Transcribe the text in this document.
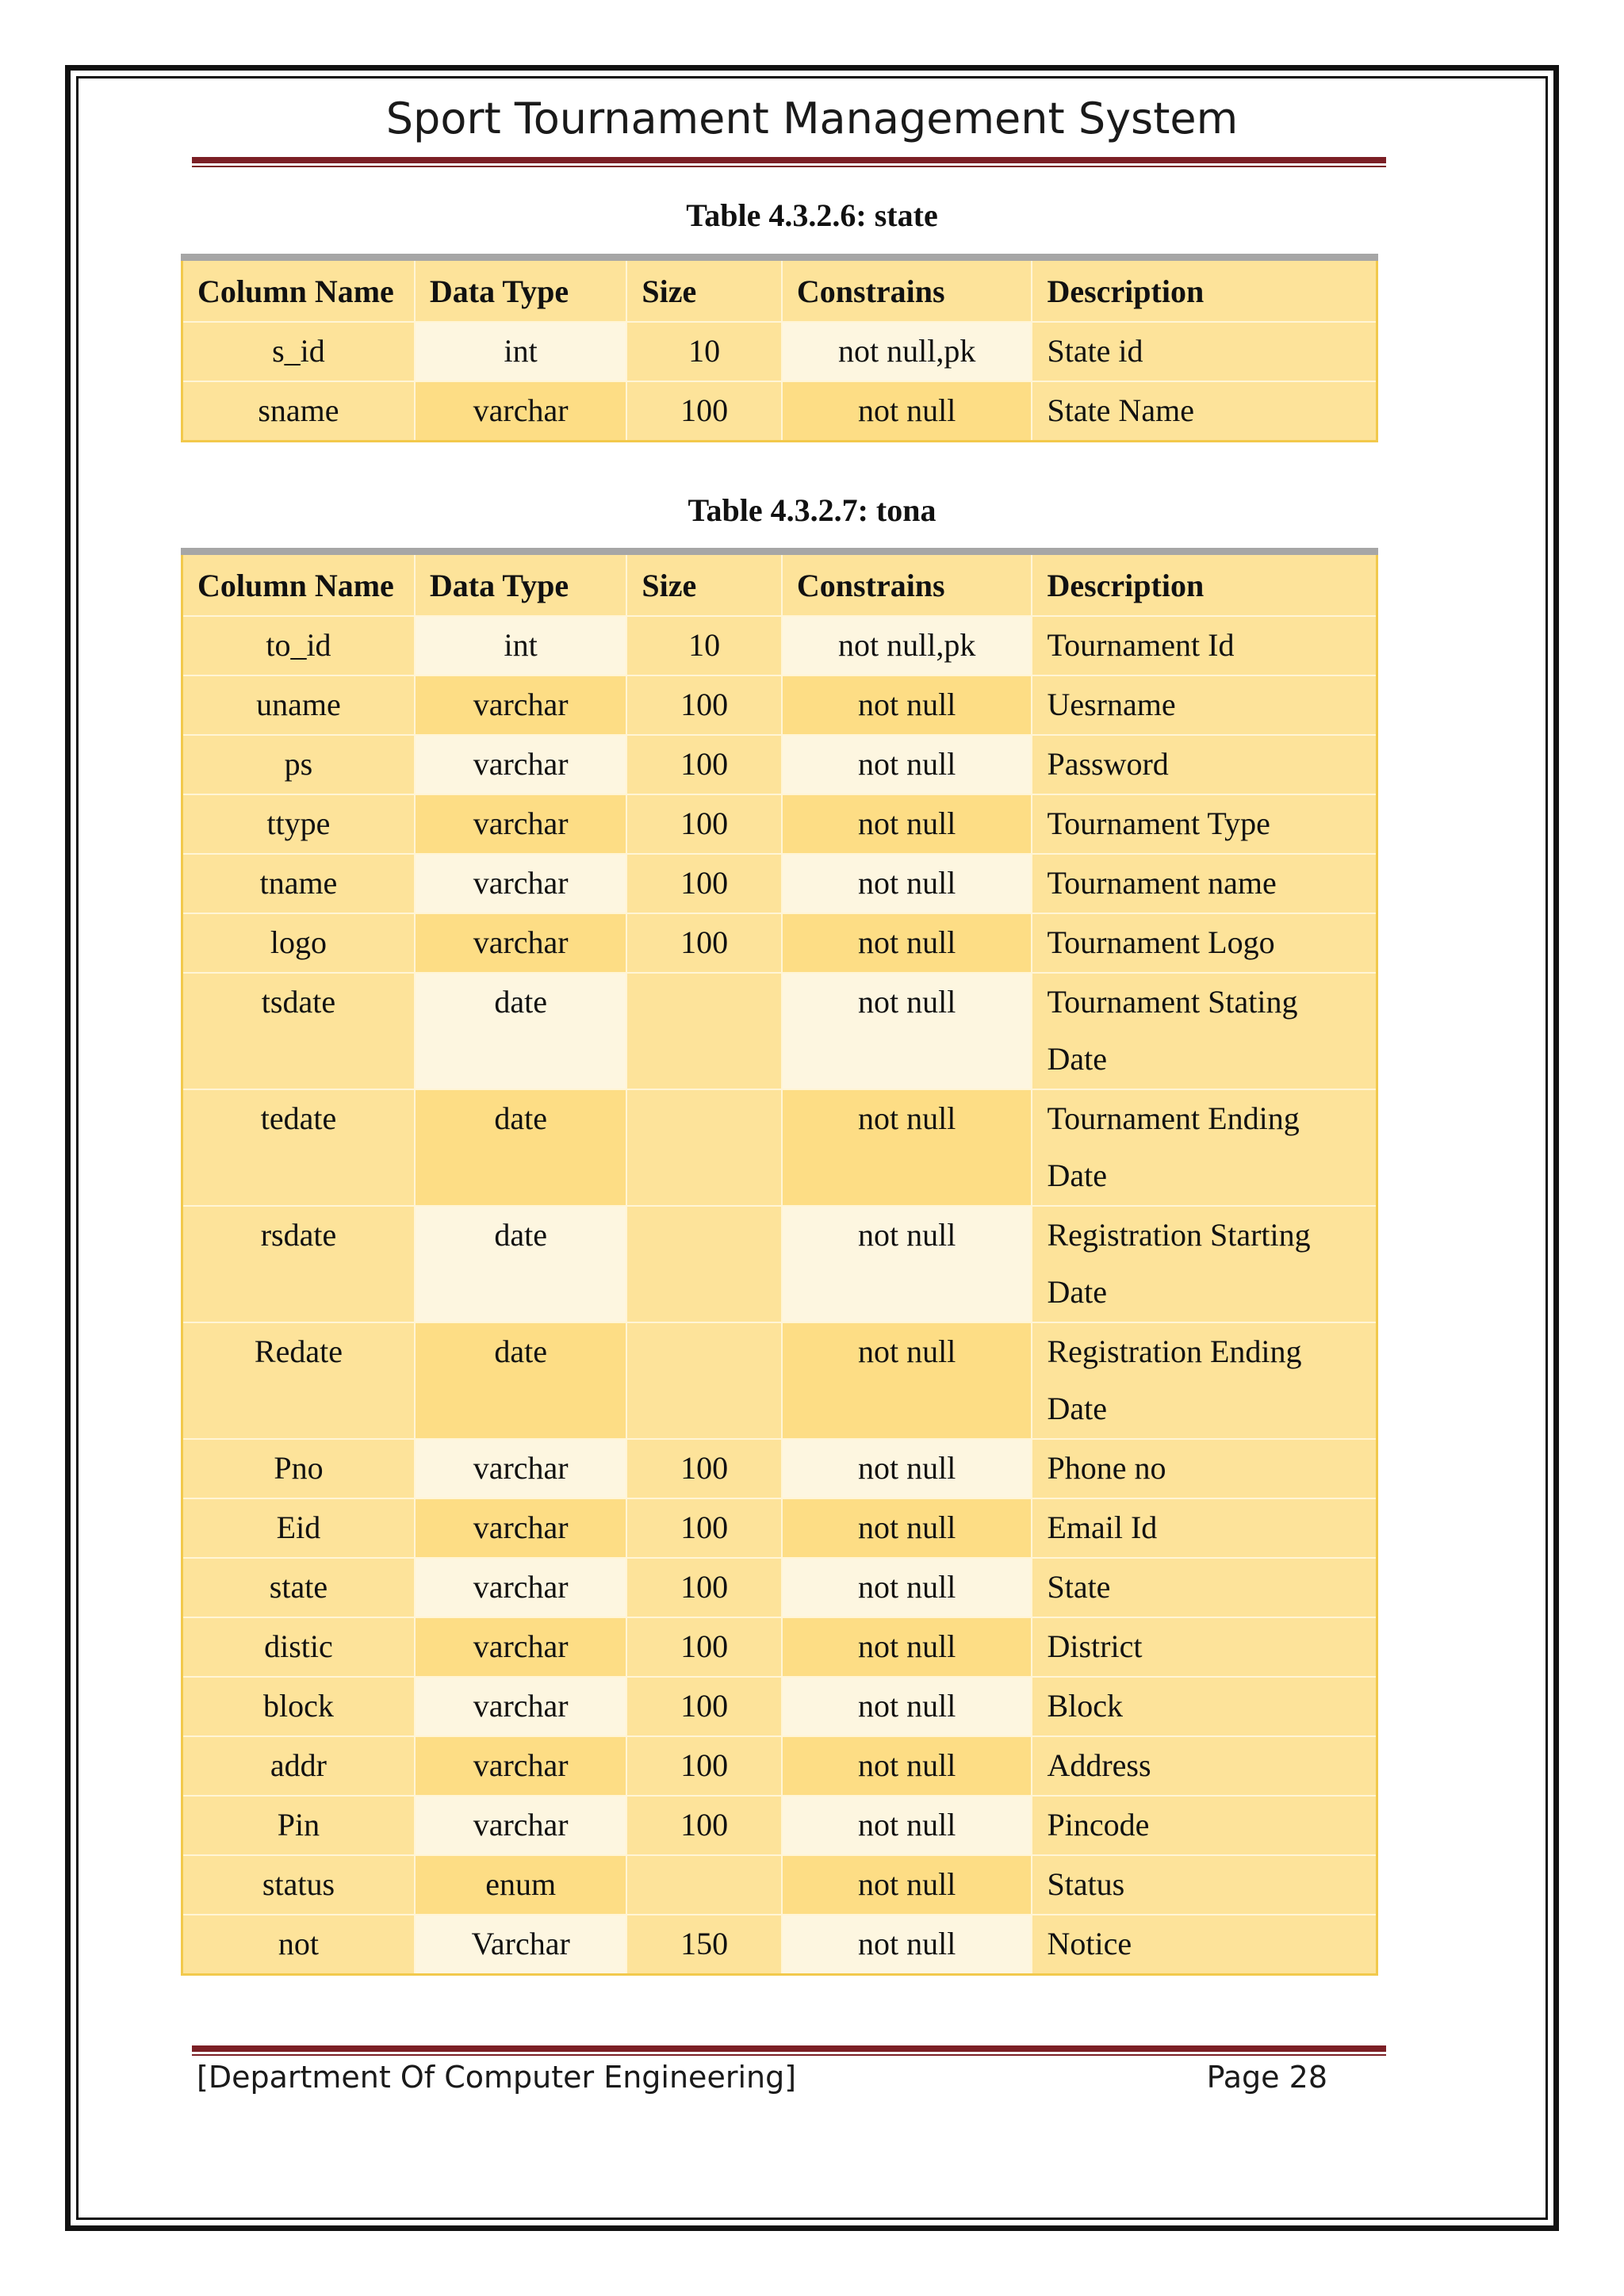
Sport Tournament Management System
Table 4.3.2.6: state
Column Name	Data Type	Size	Constrains	Description
s_id	int	10	not null,pk	State id
sname	varchar	100	not null	State Name
Table 4.3.2.7: tona
Column Name	Data Type	Size	Constrains	Description
to_id	int	10	not null,pk	Tournament Id
uname	varchar	100	not null	Uesrname
ps	varchar	100	not null	Password
ttype	varchar	100	not null	Tournament Type
tname	varchar	100	not null	Tournament name
logo	varchar	100	not null	Tournament Logo
tsdate	date		not null	Tournament Stating Date
tedate	date		not null	Tournament Ending Date
rsdate	date		not null	Registration Starting Date
Redate	date		not null	Registration Ending Date
Pno	varchar	100	not null	Phone no
Eid	varchar	100	not null	Email Id
state	varchar	100	not null	State
distic	varchar	100	not null	District
block	varchar	100	not null	Block
addr	varchar	100	not null	Address
Pin	varchar	100	not null	Pincode
status	enum		not null	Status
not	Varchar	150	not null	Notice
[Department Of Computer Engineering]	Page 28
